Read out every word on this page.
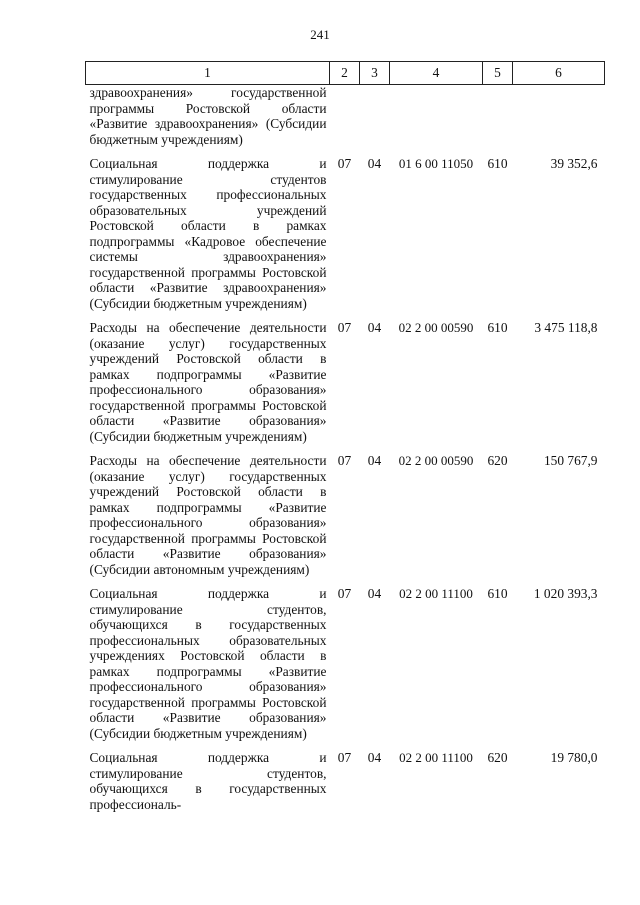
241
1	2	3	4	5	6
здравоохранения» государственной программы Ростовской области «Развитие здравоохранения» (Субсидии бюджетным учреждениям)					
Социальная поддержка и стимулирование студентов государственных профессиональных образовательных учреждений Ростовской области в рамках подпрограммы «Кадровое обеспечение системы здравоохранения» государственной программы Ростовской области «Развитие здравоохранения» (Субсидии бюджетным учреждениям)	07	04	01 6 00 11050	610	39 352,6
Расходы на обеспечение деятельности (оказание услуг) государственных учреждений Ростовской области в рамках подпрограммы «Развитие профессионального образования» государственной программы Ростовской области «Развитие образования» (Субсидии бюджетным учреждениям)	07	04	02 2 00 00590	610	3 475 118,8
Расходы на обеспечение деятельности (оказание услуг) государственных учреждений Ростовской области в рамках подпрограммы «Развитие профессионального образования» государственной программы Ростовской области «Развитие образования» (Субсидии автономным учреждениям)	07	04	02 2 00 00590	620	150 767,9
Социальная поддержка и стимулирование студентов, обучающихся в государственных профессиональных образовательных учреждениях Ростовской области в рамках подпрограммы «Развитие профессионального образования» государственной программы Ростовской области «Развитие образования» (Субсидии бюджетным учреждениям)	07	04	02 2 00 11100	610	1 020 393,3
Социальная поддержка и стимулирование студентов, обучающихся в государственных профессиональ-	07	04	02 2 00 11100	620	19 780,0
